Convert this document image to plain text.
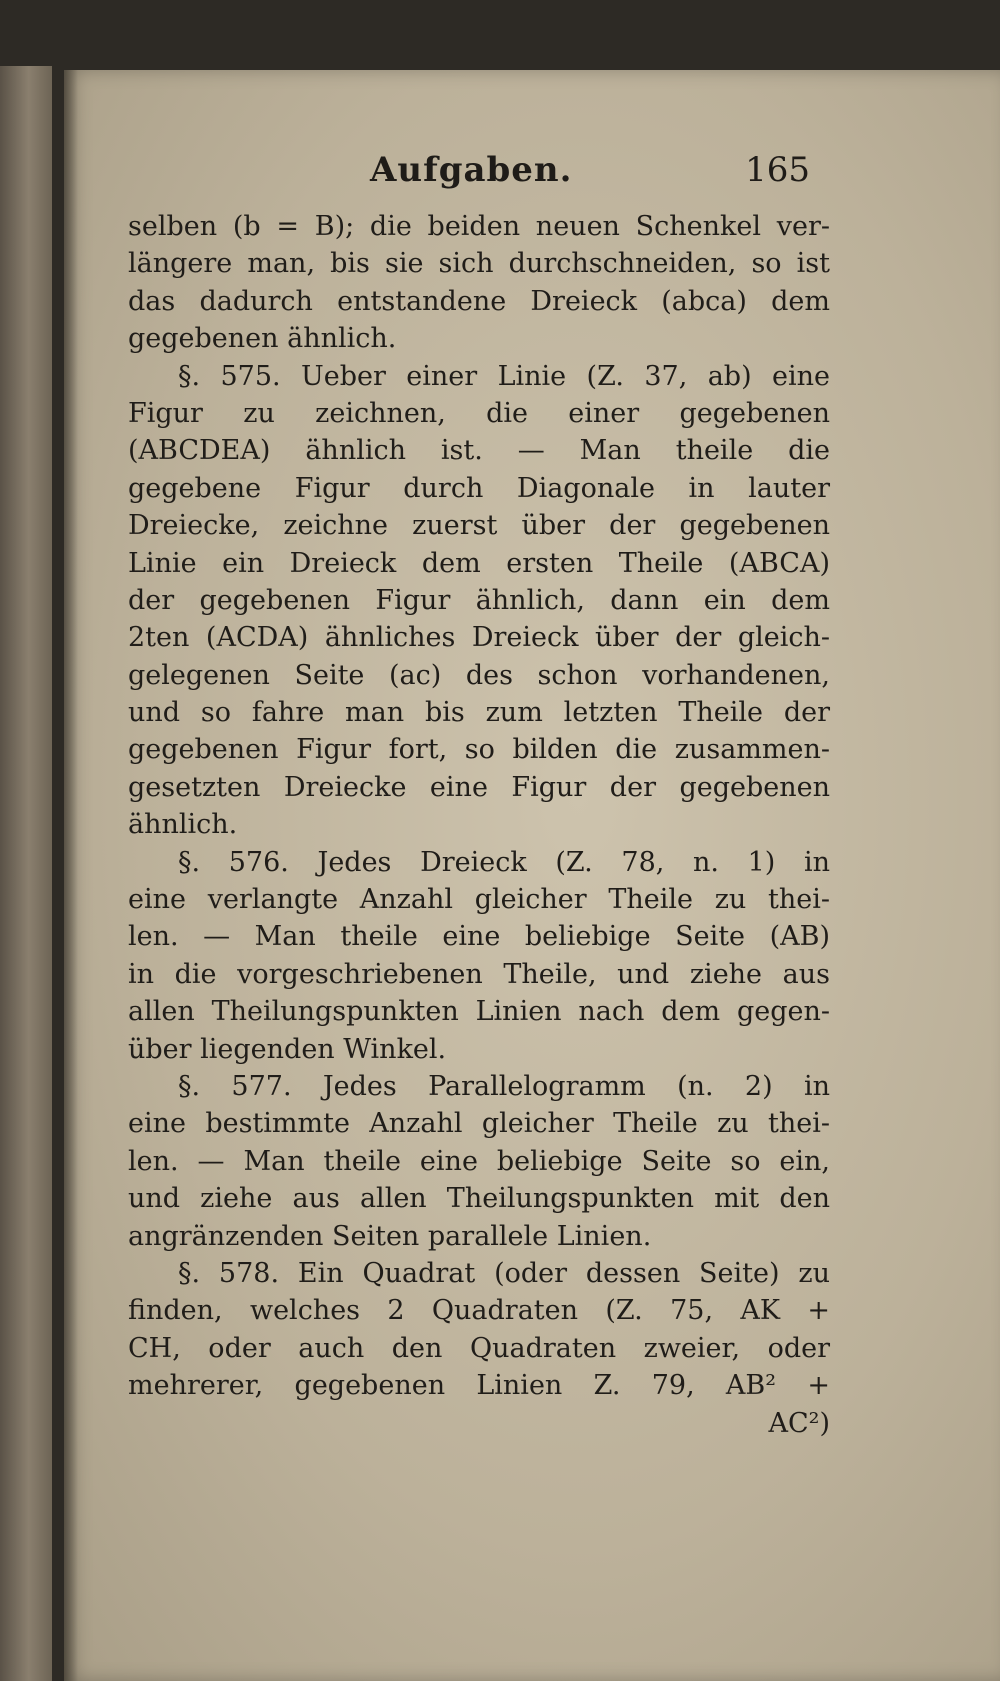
Aufgaben.	165
selben (b = B); die beiden neuen Schenkel ver-
längere man, bis sie sich durchschneiden, so ist
das dadurch entstandene Dreieck (abca) dem
gegebenen ähnlich.
§. 575. Ueber einer Linie (Z. 37, ab) eine
Figur zu zeichnen, die einer gegebenen
(ABCDEA) ähnlich ist. — Man theile die
gegebene Figur durch Diagonale in lauter
Dreiecke, zeichne zuerst über der gegebenen
Linie ein Dreieck dem ersten Theile (ABCA)
der gegebenen Figur ähnlich, dann ein dem
2ten (ACDA) ähnliches Dreieck über der gleich-
gelegenen Seite (ac) des schon vorhandenen,
und so fahre man bis zum letzten Theile der
gegebenen Figur fort, so bilden die zusammen-
gesetzten Dreiecke eine Figur der gegebenen
ähnlich.
§. 576. Jedes Dreieck (Z. 78, n. 1) in
eine verlangte Anzahl gleicher Theile zu thei-
len. — Man theile eine beliebige Seite (AB)
in die vorgeschriebenen Theile, und ziehe aus
allen Theilungspunkten Linien nach dem gegen-
über liegenden Winkel.
§. 577. Jedes Parallelogramm (n. 2) in
eine bestimmte Anzahl gleicher Theile zu thei-
len. — Man theile eine beliebige Seite so ein,
und ziehe aus allen Theilungspunkten mit den
angränzenden Seiten parallele Linien.
§. 578. Ein Quadrat (oder dessen Seite) zu
finden, welches 2 Quadraten (Z. 75, AK +
CH, oder auch den Quadraten zweier, oder
mehrerer, gegebenen Linien Z. 79, AB² +
AC²)
